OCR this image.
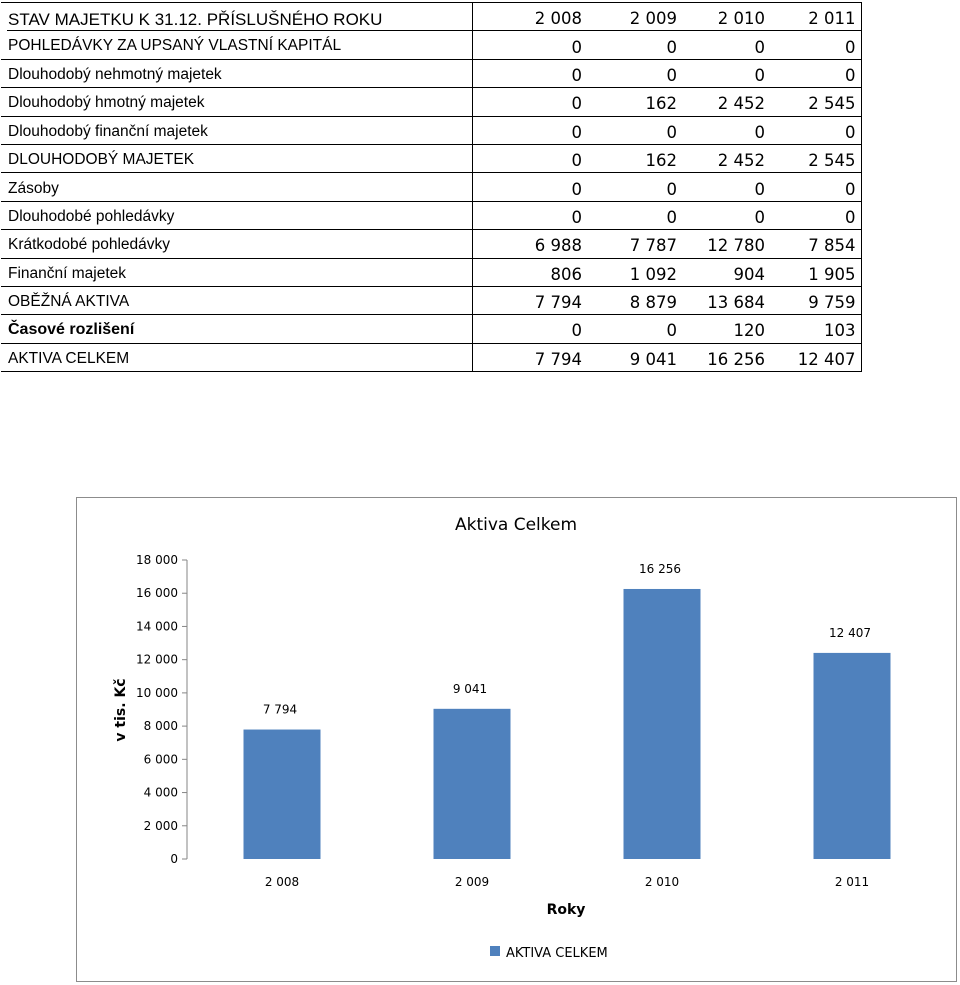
STAV MAJETKU K 31.12. PŘÍSLUŠNÉHO ROKU	2 008	2 009	2 010	2 011
POHLEDÁVKY ZA UPSANÝ VLASTNÍ KAPITÁL	0	0	0	0
Dlouhodobý nehmotný majetek	0	0	0	0
Dlouhodobý hmotný majetek	0	162	2 452	2 545
Dlouhodobý finanční majetek	0	0	0	0
DLOUHODOBÝ MAJETEK	0	162	2 452	2 545
Zásoby	0	0	0	0
Dlouhodobé pohledávky	0	0	0	0
Krátkodobé pohledávky	6 988	7 787	12 780	7 854
Finanční majetek	806	1 092	904	1 905
OBĚŽNÁ AKTIVA	7 794	8 879	13 684	9 759
Časové rozlišení	0	0	120	103
AKTIVA CELKEM	7 794	9 041	16 256	12 407
Aktiva Celkem
v tis. Kč
Roky
0
2 000
4 000
6 000
8 000
10 000
12 000
14 000
16 000
18 000
7 794
9 041
16 256
12 407
2 008	2 009	2 010	2 011
AKTIVA CELKEM
